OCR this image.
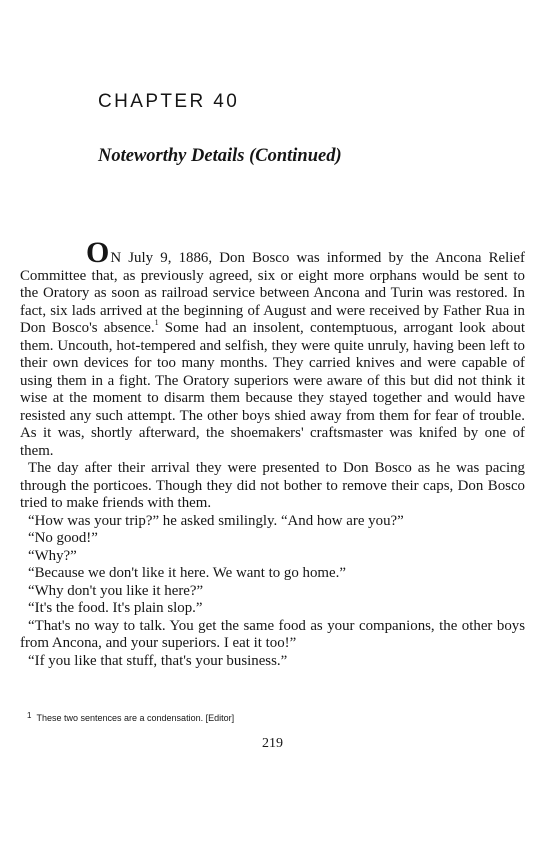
CHAPTER 40
Noteworthy Details (Continued)

ON July 9, 1886, Don Bosco was informed by the Ancona Relief Committee that, as previously agreed, six or eight more orphans would be sent to the Oratory as soon as railroad service between Ancona and Turin was restored. In fact, six lads arrived at the beginning of August and were received by Father Rua in Don Bosco's absence.$^1$ Some had an insolent, contemptuous, arrogant look about them. Uncouth, hot-tempered and selfish, they were quite unruly, having been left to their own devices for too many months. They carried knives and were capable of using them in a fight. The Oratory superiors were aware of this but did not think it wise at the moment to disarm them because they stayed together and would have resisted any such attempt. The other boys shied away from them for fear of trouble. As it was, shortly afterward, the shoemakers' craftsmaster was knifed by one of them.

The day after their arrival they were presented to Don Bosco as he was pacing through the porticoes. Though they did not bother to remove their caps, Don Bosco tried to make friends with them.

“How was your trip?” he asked smilingly. “And how are you?”

“No good!”

“Why?”

“Because we don't like it here. We want to go home.”

“Why don't you like it here?”

“It's the food. It's plain slop.”

“That's no way to talk. You get the same food as your companions, the other boys from Ancona, and your superiors. I eat it too!”

“If you like that stuff, that's your business.”

$^1$ These two sentences are a condensation. [Editor]
219
